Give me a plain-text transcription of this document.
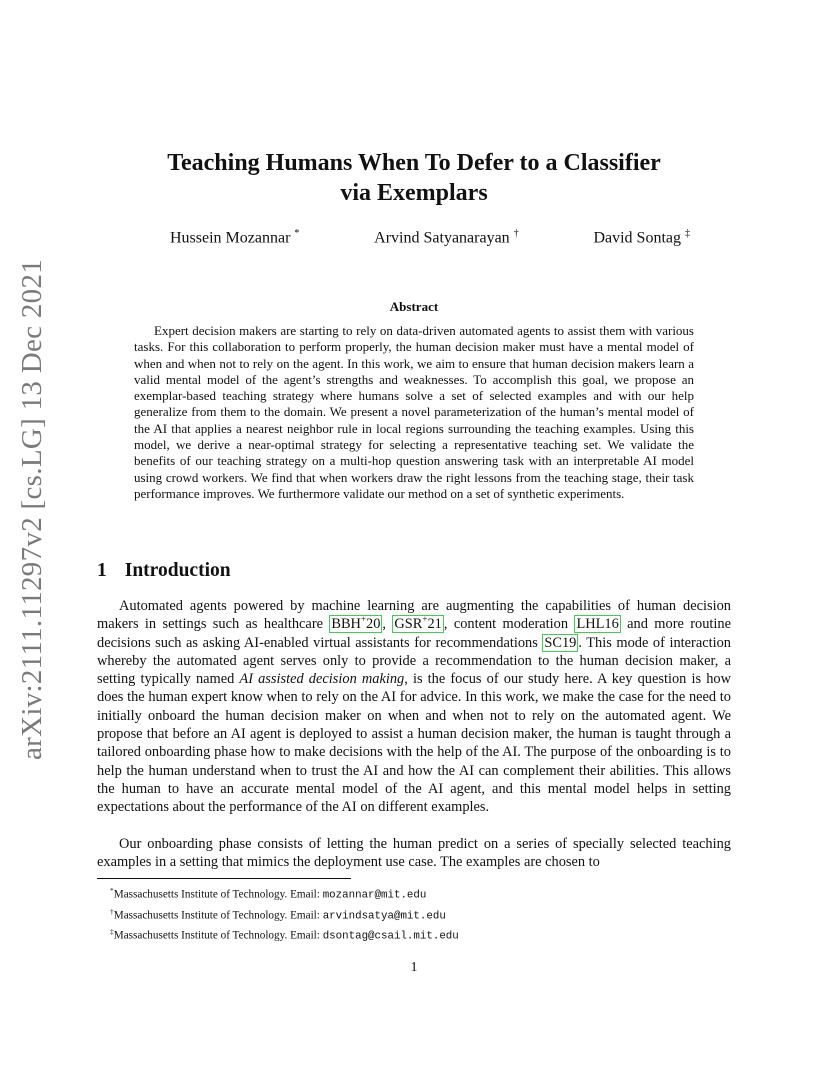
arXiv:2111.11297v2 [cs.LG] 13 Dec 2021
Teaching Humans When To Defer to a Classifier
via Exemplars
Hussein Mozannar *	Arvind Satyanarayan †	David Sontag ‡
Abstract
Expert decision makers are starting to rely on data-driven automated agents to assist them with various tasks. For this collaboration to perform properly, the human decision maker must have a mental model of when and when not to rely on the agent. In this work, we aim to ensure that human decision makers learn a valid mental model of the agent’s strengths and weaknesses. To accomplish this goal, we propose an exemplar-based teaching strategy where humans solve a set of selected examples and with our help generalize from them to the domain. We present a novel parameterization of the human’s mental model of the AI that applies a nearest neighbor rule in local regions surrounding the teaching examples. Using this model, we derive a near-optimal strategy for selecting a representative teaching set. We validate the benefits of our teaching strategy on a multi-hop question answering task with an interpretable AI model using crowd workers. We find that when workers draw the right lessons from the teaching stage, their task performance improves. We furthermore validate our method on a set of synthetic experiments.
1 Introduction
Automated agents powered by machine learning are augmenting the capabilities of human decision makers in settings such as healthcare BBH+20 , GSR+21 , content moderation LHL16 and more routine decisions such as asking AI-enabled virtual assistants for recommendations SC19 . This mode of interaction whereby the automated agent serves only to provide a recommendation to the human decision maker, a setting typically named AI assisted decision making, is the focus of our study here. A key question is how does the human expert know when to rely on the AI for advice. In this work, we make the case for the need to initially onboard the human decision maker on when and when not to rely on the automated agent. We propose that before an AI agent is deployed to assist a human decision maker, the human is taught through a tailored onboarding phase how to make decisions with the help of the AI. The purpose of the onboarding is to help the human understand when to trust the AI and how the AI can complement their abilities. This allows the human to have an accurate mental model of the AI agent, and this mental model helps in setting expectations about the performance of the AI on different examples.
Our onboarding phase consists of letting the human predict on a series of specially selected teaching examples in a setting that mimics the deployment use case. The examples are chosen to
*Massachusetts Institute of Technology. Email: mozannar@mit.edu
†Massachusetts Institute of Technology. Email: arvindsatya@mit.edu
‡Massachusetts Institute of Technology. Email: dsontag@csail.mit.edu
1
